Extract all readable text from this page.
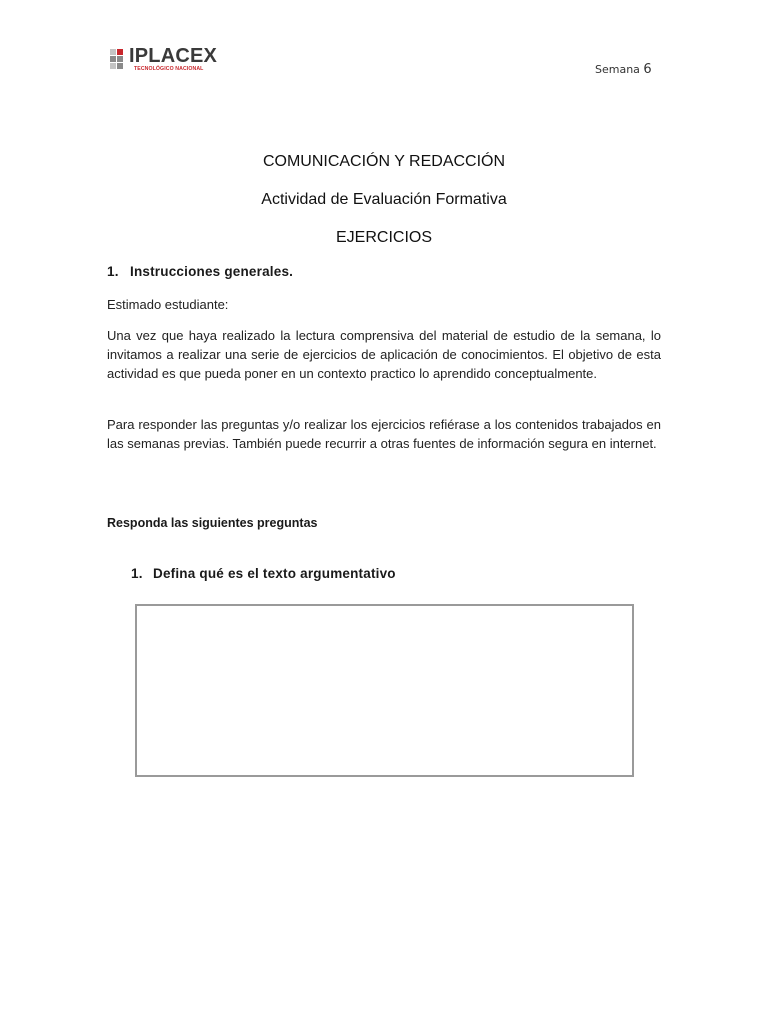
IPLACEX
TECNOLÓGICO NACIONAL	Semana 6
COMUNICACIÓN Y REDACCIÓN
Actividad de Evaluación Formativa
EJERCICIOS
1. Instrucciones generales.

Estimado estudiante:

Una vez que haya realizado la lectura comprensiva del material de estudio de la semana, lo invitamos a realizar una serie de ejercicios de aplicación de conocimientos. El objetivo de esta actividad es que pueda poner en un contexto practico lo aprendido conceptualmente.

Para responder las preguntas y/o realizar los ejercicios refiérase a los contenidos trabajados en las semanas previas. También puede recurrir a otras fuentes de información segura en internet.

Responda las siguientes preguntas
1. Defina qué es el texto argumentativo
